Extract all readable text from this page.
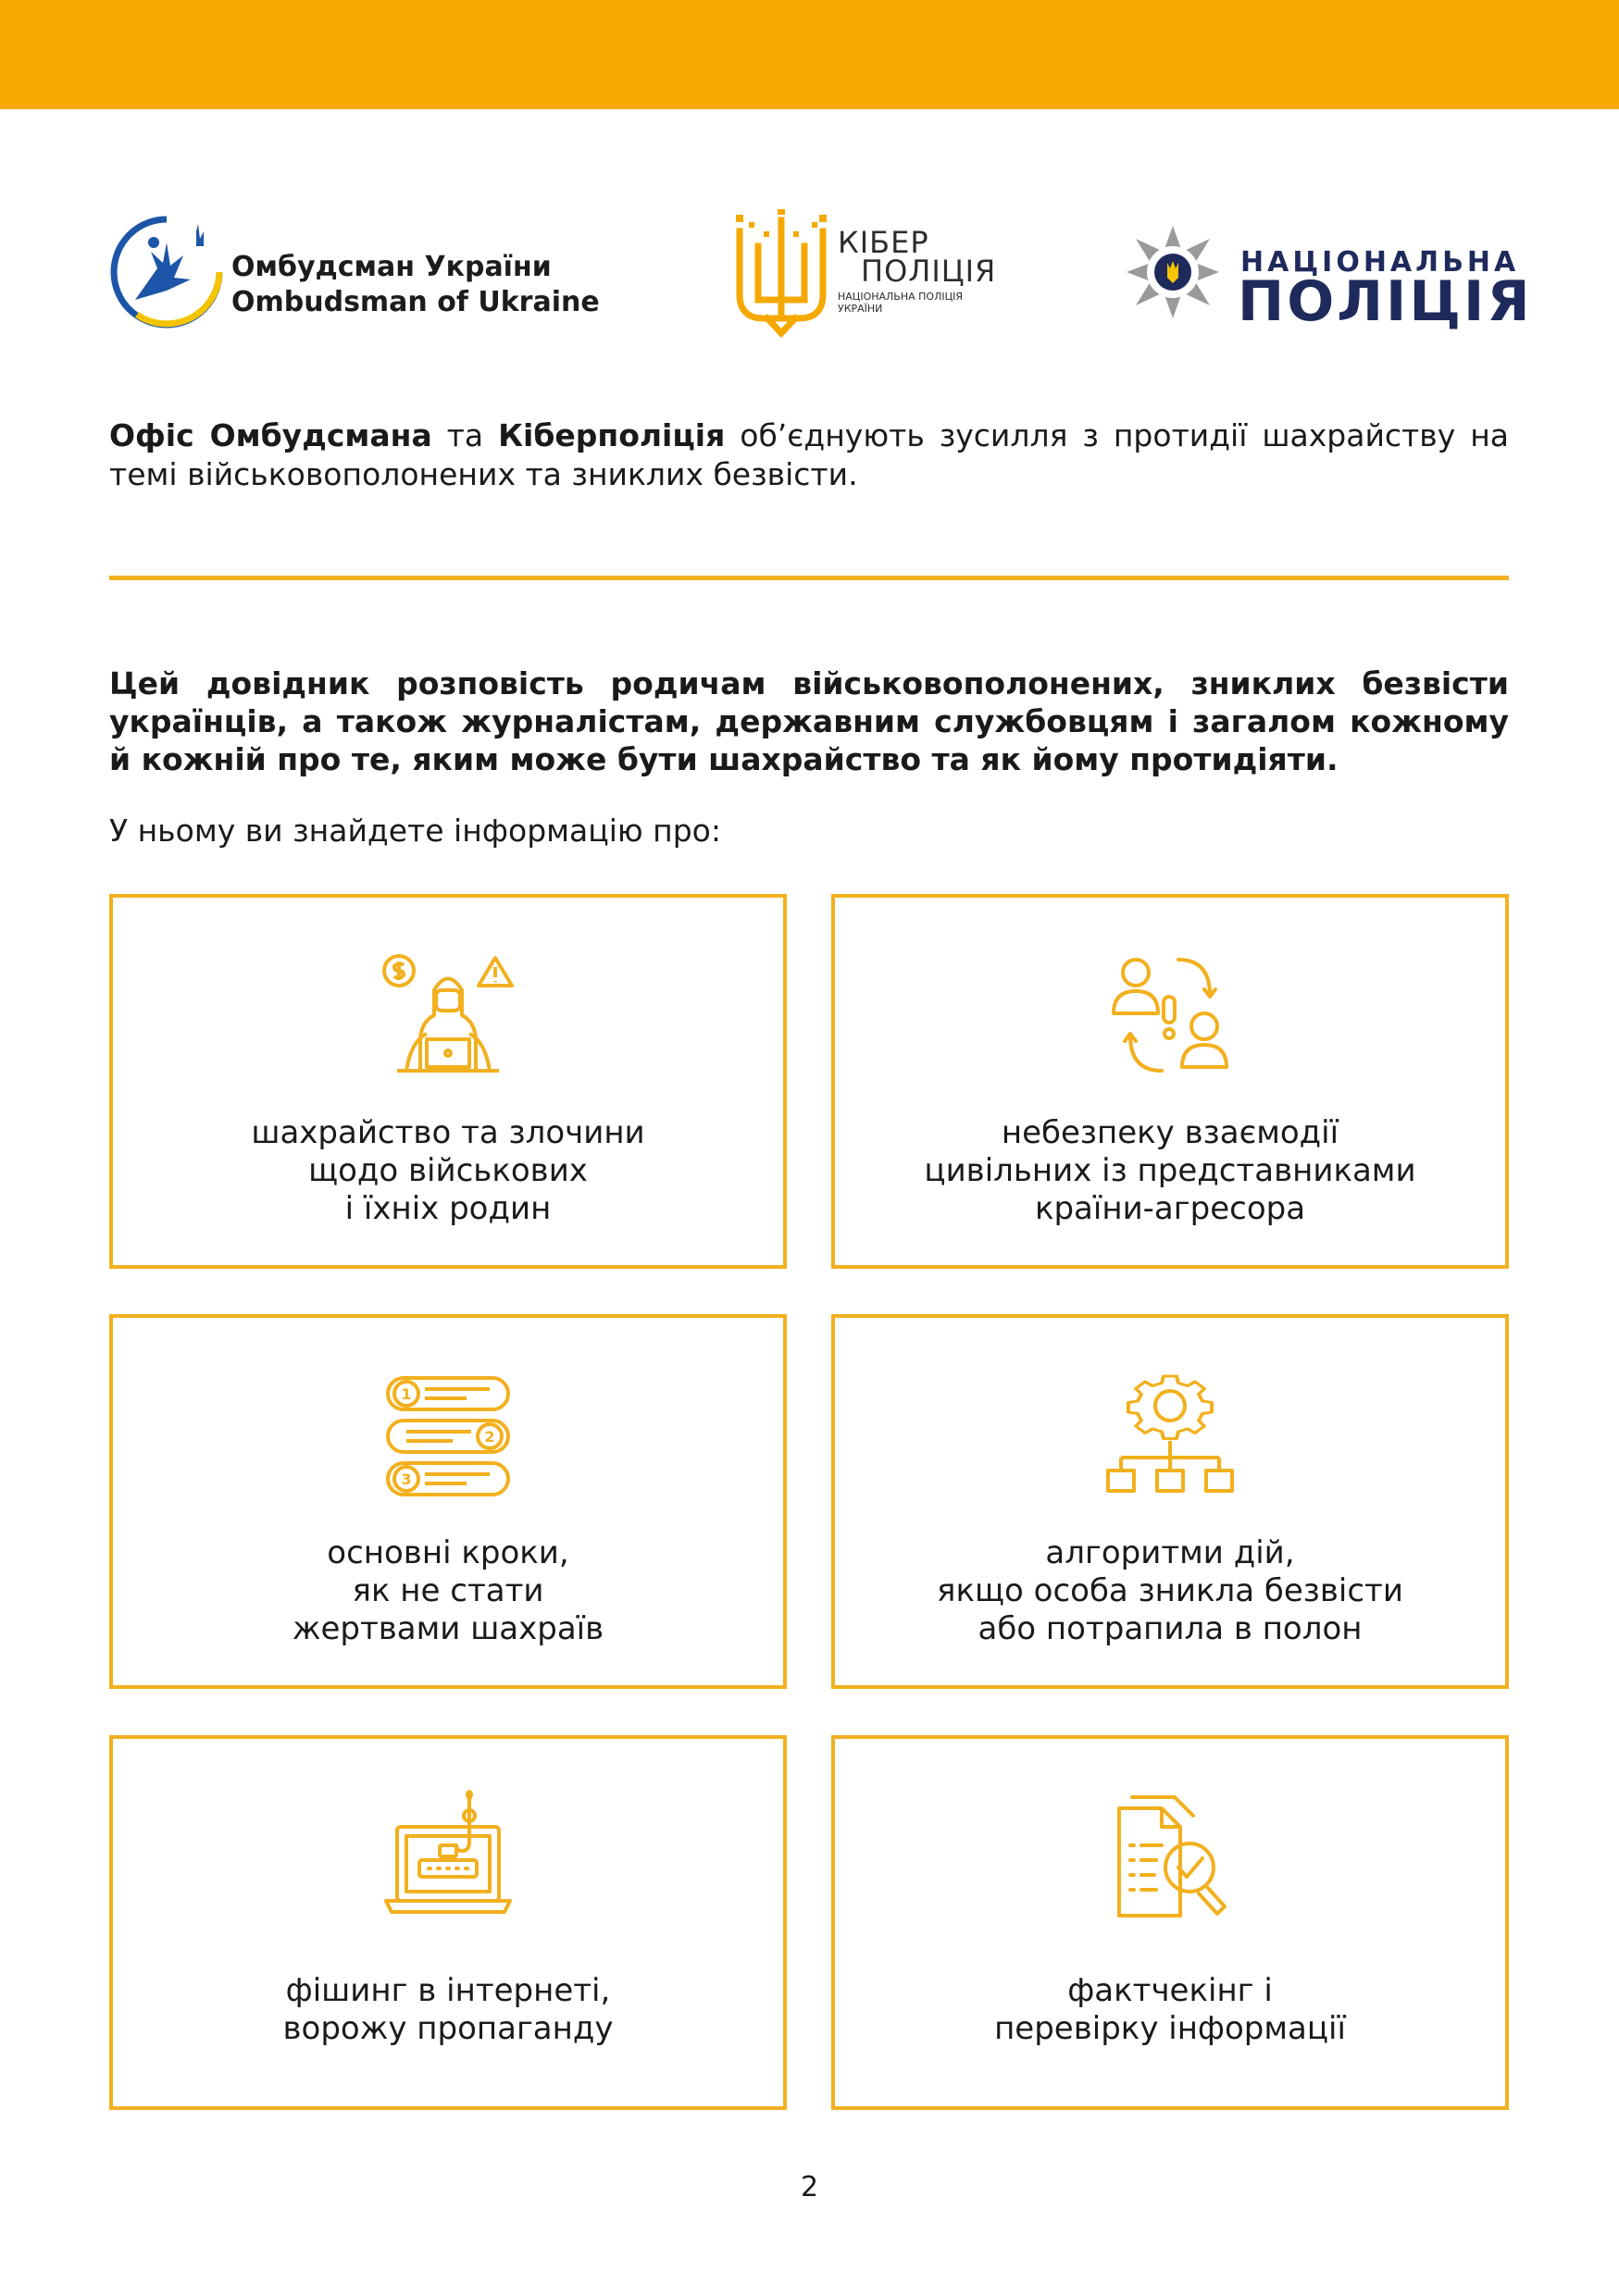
Омбудсман України
Ombudsman of Ukraine
КІБЕР
ПОЛІЦІЯ
НАЦІОНАЛЬНА ПОЛІЦІЯ
УКРАЇНИ
НАЦІОНАЛЬНА
ПОЛІЦІЯ

Офіс Омбудсмана та Кіберполіція об’єднують зусилля з протидії шахрайству на темі військовополонених та зниклих безвісти.

Цей довідник розповість родичам військовополонених, зниклих безвісти українців, а також журналістам, державним службовцям і загалом кожному й кожній про те, яким може бути шахрайство та як йому протидіяти.

У ньому ви знайдете інформацію про:

шахрайство та злочини
щодо військових
і їхніх родин
небезпеку взаємодії
цивільних із представниками
країни-агресора
1
2
3
основні кроки,
як не стати
жертвами шахраїв
алгоритми дій,
якщо особа зникла безвісти
або потрапила в полон
фішинг в інтернеті,
ворожу пропаганду
фактчекінг і
перевірку інформації
2
